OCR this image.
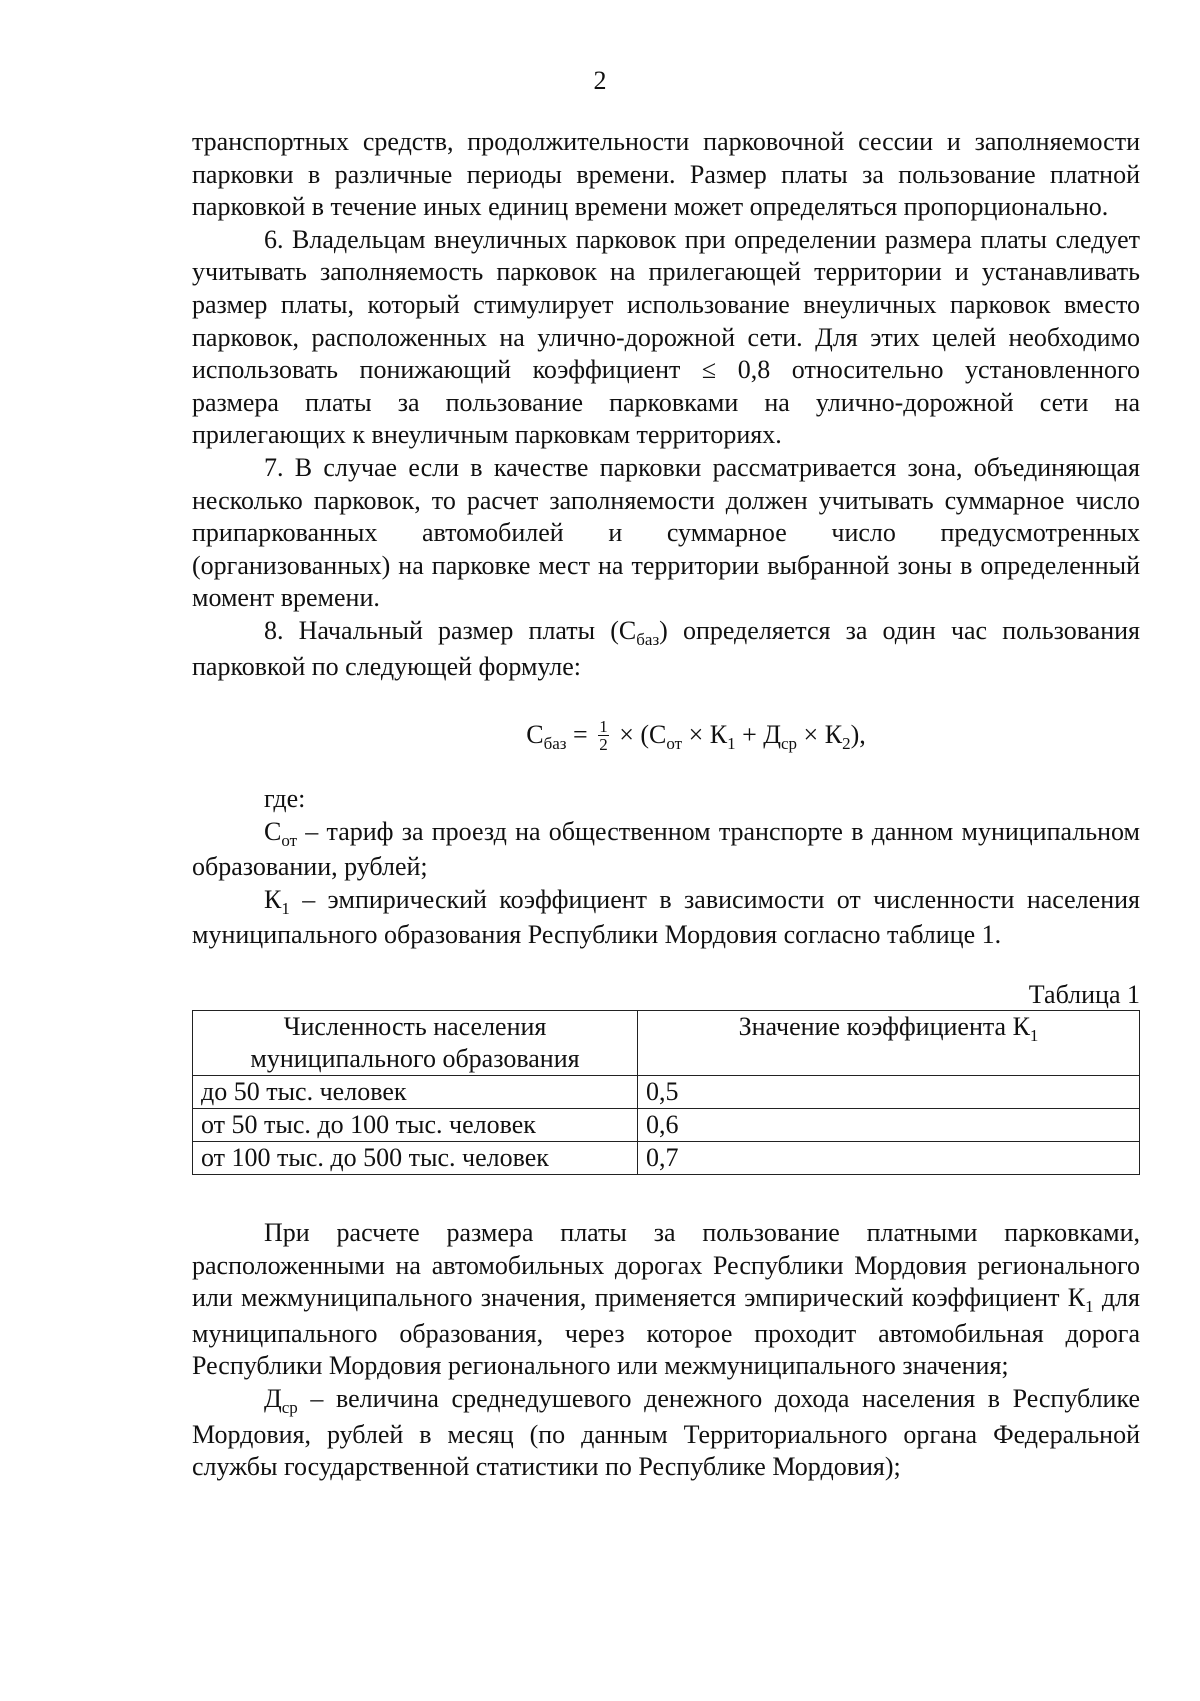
2

транспортных средств, продолжительности парковочной сессии и заполняемости парковки в различные периоды времени. Размер платы за пользование платной парковкой в течение иных единиц времени может определяться пропорционально.

6. Владельцам внеуличных парковок при определении размера платы следует учитывать заполняемость парковок на прилегающей территории и устанавливать размер платы, который стимулирует использование внеуличных парковок вместо парковок, расположенных на улично-дорожной сети. Для этих целей необходимо использовать понижающий коэффициент ≤ 0,8 относительно установленного размера платы за пользование парковками на улично-дорожной сети на прилегающих к внеуличным парковкам территориях.

7. В случае если в качестве парковки рассматривается зона, объединяющая несколько парковок, то расчет заполняемости должен учитывать суммарное число припаркованных автомобилей и суммарное число предусмотренных (организованных) на парковке мест на территории выбранной зоны в определенный момент времени.

8. Начальный размер платы $(С_{баз})$ определяется за один час пользования парковкой по следующей формуле:

$С_{баз} = \frac{1}{2} \times (С_{от} \times К_1 + Д_{ср} \times К_2)$,

где:

$С_{от}$ – тариф за проезд на общественном транспорте в данном муниципальном образовании, рублей;

$К_1$ – эмпирический коэффициент в зависимости от численности населения муниципального образования Республики Мордовия согласно таблице 1.

Таблица 1
Численность населения муниципального образования	Значение коэффициента $К_1$
до 50 тыс. человек	0,5
от 50 тыс. до 100 тыс. человек	0,6
от 100 тыс. до 500 тыс. человек	0,7

При расчете размера платы за пользование платными парковками, расположенными на автомобильных дорогах Республики Мордовия регионального или межмуниципального значения, применяется эмпирический коэффициент $К_1$ для муниципального образования, через которое проходит автомобильная дорога Республики Мордовия регионального или межмуниципального значения;

$Д_{ср}$ – величина среднедушевого денежного дохода населения в Республике Мордовия, рублей в месяц (по данным Территориального органа Федеральной службы государственной статистики по Республике Мордовия);
